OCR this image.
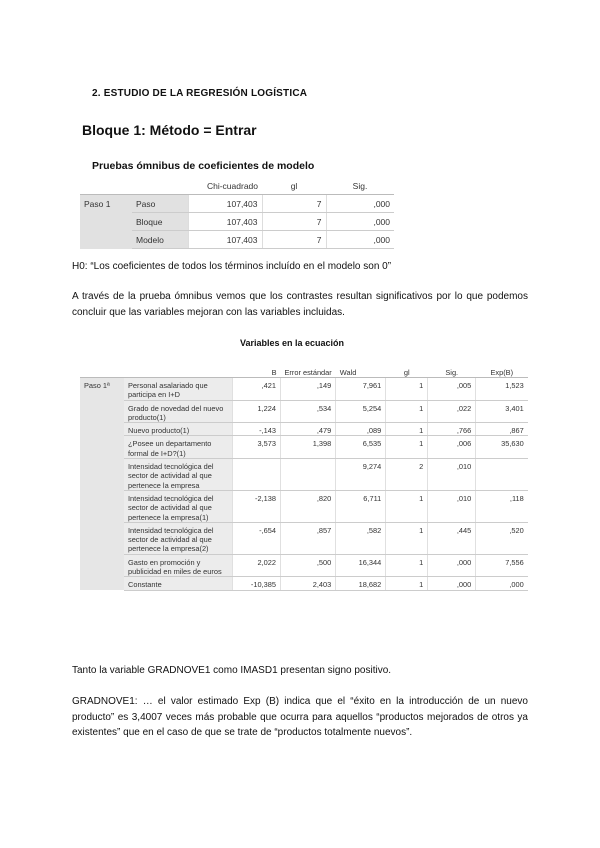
2. ESTUDIO DE LA REGRESIÓN LOGÍSTICA
Bloque 1: Método = Entrar
Pruebas ómnibus de coeficientes de modelo
		Chi-cuadrado	gl	Sig.
Paso 1	Paso	107,403	7	,000
	Bloque	107,403	7	,000
	Modelo	107,403	7	,000
H0: “Los coeficientes de todos los términos incluído en el modelo son 0”
A través de la prueba ómnibus vemos que los contrastes resultan significativos por lo que podemos concluir que las variables mejoran con las variables incluidas.
Variables en la ecuación
		B	Error estándar	Wald	gl	Sig.	Exp(B)
Paso 1ª	Personal asalariado que participa en I+D	,421	,149	7,961	1	,005	1,523
	Grado de novedad del nuevo producto(1)	1,224	,534	5,254	1	,022	3,401
	Nuevo producto(1)	-,143	,479	,089	1	,766	,867
	¿Posee un departamento formal de I+D?(1)	3,573	1,398	6,535	1	,006	35,630
	Intensidad tecnológica del sector de actividad al que pertenece la empresa			9,274	2	,010	
	Intensidad tecnológica del sector de actividad al que pertenece la empresa(1)	-2,138	,820	6,711	1	,010	,118
	Intensidad tecnológica del sector de actividad al que pertenece la empresa(2)	-,654	,857	,582	1	,445	,520
	Gasto en promoción y publicidad en miles de euros	2,022	,500	16,344	1	,000	7,556
	Constante	-10,385	2,403	18,682	1	,000	,000
Tanto la variable GRADNOVE1 como IMASD1 presentan signo positivo.
GRADNOVE1: … el valor estimado Exp (B) indica que el “éxito en la introducción de un nuevo producto” es 3,4007 veces más probable que ocurra para aquellos “productos mejorados de otros ya existentes” que en el caso de que se trate de “productos totalmente nuevos”.
